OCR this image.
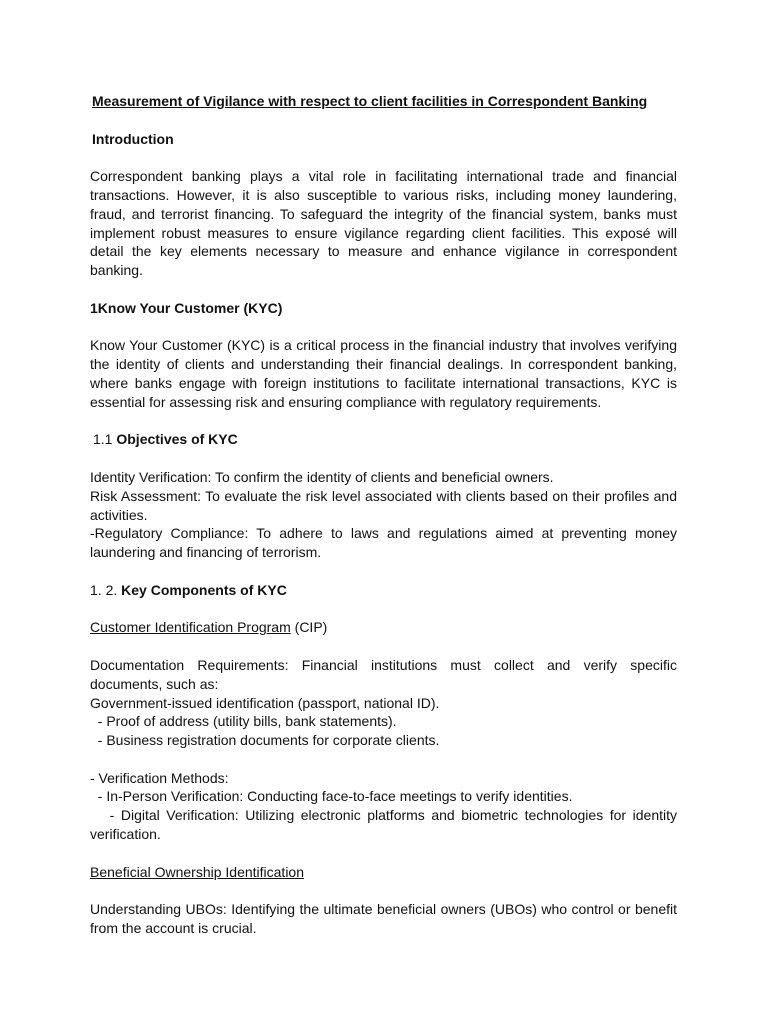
Measurement of Vigilance with respect to client facilities in Correspondent Banking

Introduction

Correspondent banking plays a vital role in facilitating international trade and financial transactions. However, it is also susceptible to various risks, including money laundering, fraud, and terrorist financing. To safeguard the integrity of the financial system, banks must implement robust measures to ensure vigilance regarding client facilities. This exposé will detail the key elements necessary to measure and enhance vigilance in correspondent banking.

1Know Your Customer (KYC)

Know Your Customer (KYC) is a critical process in the financial industry that involves verifying the identity of clients and understanding their financial dealings. In correspondent banking, where banks engage with foreign institutions to facilitate international transactions, KYC is essential for assessing risk and ensuring compliance with regulatory requirements.

1.1 Objectives of KYC

Identity Verification: To confirm the identity of clients and beneficial owners.

Risk Assessment: To evaluate the risk level associated with clients based on their profiles and activities.

-Regulatory Compliance: To adhere to laws and regulations aimed at preventing money laundering and financing of terrorism.

1. 2. Key Components of KYC

Customer Identification Program (CIP)

Documentation Requirements: Financial institutions must collect and verify specific documents, such as:

Government-issued identification (passport, national ID).

- Proof of address (utility bills, bank statements).

- Business registration documents for corporate clients.

- Verification Methods:

- In-Person Verification: Conducting face-to-face meetings to verify identities.

- Digital Verification: Utilizing electronic platforms and biometric technologies for identity verification.

Beneficial Ownership Identification

Understanding UBOs: Identifying the ultimate beneficial owners (UBOs) who control or benefit from the account is crucial.
